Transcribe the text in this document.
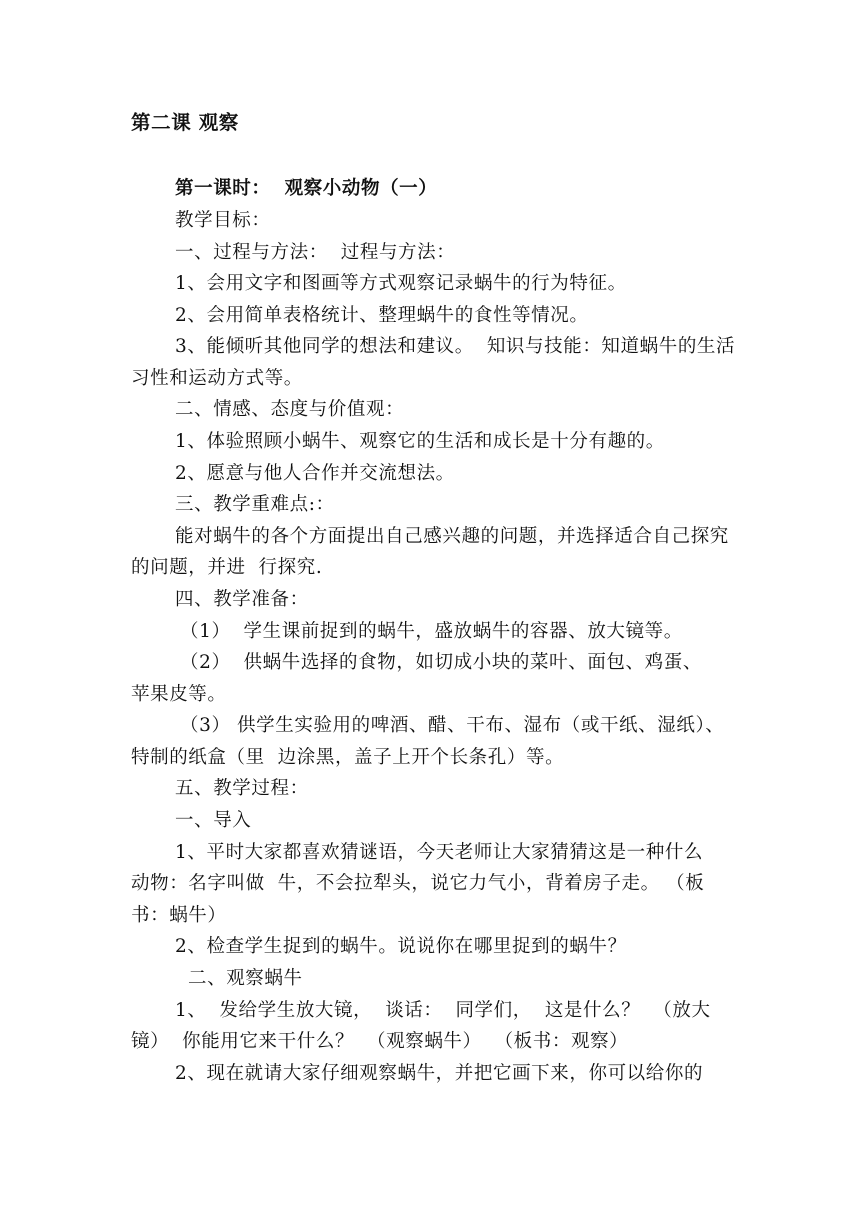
第二课 观察
第一课时：  观察小动物（一）
教学目标：
一、过程与方法：  过程与方法：
1、会用文字和图画等方式观察记录蜗牛的行为特征。
2、会用简单表格统计、整理蜗牛的食性等情况。
3、能倾听其他同学的想法和建议。  知识与技能：知道蜗牛的生活
习性和运动方式等。
二、情感、态度与价值观：
1、体验照顾小蜗牛、观察它的生活和成长是十分有趣的。
2、愿意与他人合作并交流想法。
三、教学重难点:：
能对蜗牛的各个方面提出自己感兴趣的问题，并选择适合自己探究
的问题，并进  行探究.
四、教学准备：
（1）  学生课前捉到的蜗牛，盛放蜗牛的容器、放大镜等。
（2）  供蜗牛选择的食物，如切成小块的菜叶、面包、鸡蛋、
苹果皮等。
（3） 供学生实验用的啤酒、醋、干布、湿布（或干纸、湿纸）、
特制的纸盒（里  边涂黑，盖子上开个长条孔）等。
五、教学过程：
一、导入
1、平时大家都喜欢猜谜语，今天老师让大家猜猜这是一种什么
动物：名字叫做  牛，不会拉犁头，说它力气小，背着房子走。 （板
书：蜗牛）
2、检查学生捉到的蜗牛。说说你在哪里捉到的蜗牛？
二、观察蜗牛
1、  发给学生放大镜，  谈话：  同学们，  这是什么？  （放大
镜）  你能用它来干什么？  （观察蜗牛）  （板书：观察）
2、现在就请大家仔细观察蜗牛，并把它画下来，你可以给你的
